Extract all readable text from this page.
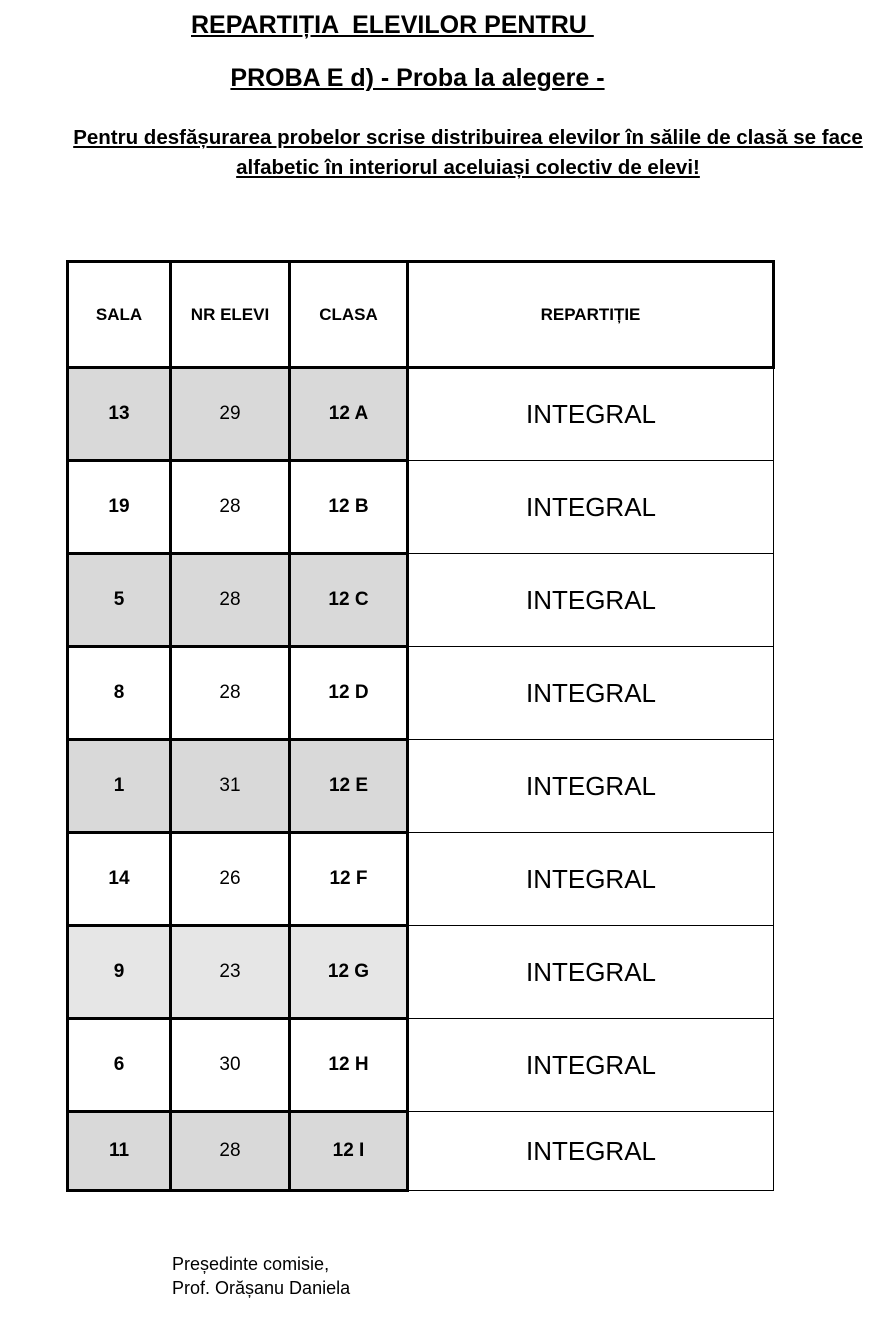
REPARTIȚIA  ELEVILOR PENTRU
PROBA E d) - Proba la alegere -
Pentru desfășurarea probelor scrise distribuirea elevilor în sălile de clasă se face alfabetic în interiorul aceluiași colectiv de elevi!
SALA	NR ELEVI	CLASA	REPARTIȚIE
13	29	12 A	INTEGRAL
19	28	12 B	INTEGRAL
5	28	12 C	INTEGRAL
8	28	12 D	INTEGRAL
1	31	12 E	INTEGRAL
14	26	12 F	INTEGRAL
9	23	12 G	INTEGRAL
6	30	12 H	INTEGRAL
11	28	12 I	INTEGRAL
Președinte comisie,
Prof. Orășanu Daniela
